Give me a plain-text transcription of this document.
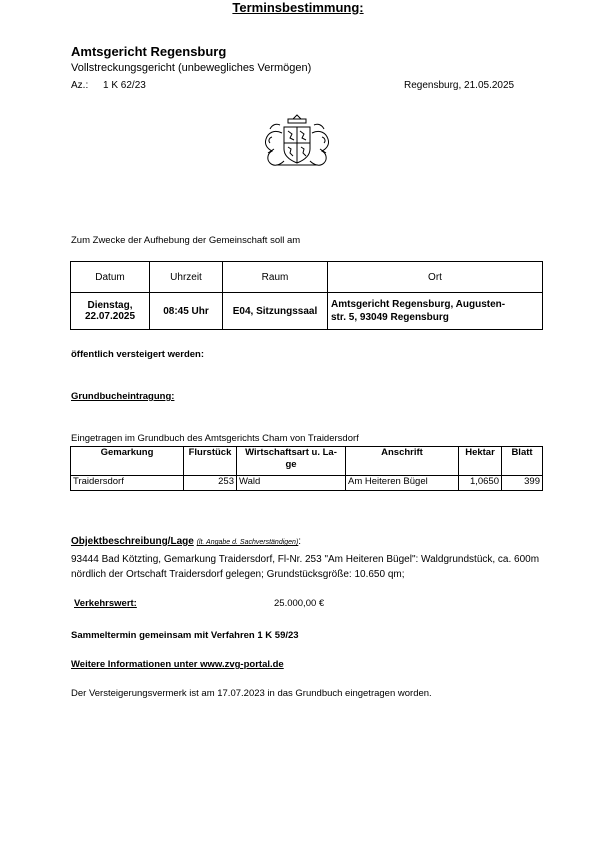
Amtsgericht Regensburg
Vollstreckungsgericht (unbewegliches Vermögen)
Az.: 1 K 62/23	Regensburg, 21.05.2025
Terminsbestimmung:
Zum Zwecke der Aufhebung der Gemeinschaft soll am
Datum	Uhrzeit	Raum	Ort
Dienstag,
22.07.2025	08:45 Uhr	E04, Sitzungssaal	Amtsgericht Regensburg, Augusten-
str. 5, 93049 Regensburg
öffentlich versteigert werden:
Grundbucheintragung:
Eingetragen im Grundbuch des Amtsgerichts Cham von Traidersdorf
Gemarkung	Flurstück	Wirtschaftsart u. La-
ge	Anschrift	Hektar	Blatt
Traidersdorf	253	Wald	Am Heiteren Bügel	1,0650	399
Objektbeschreibung/Lage (lt. Angabe d. Sachverständigen):
93444 Bad Kötzting, Gemarkung Traidersdorf, Fl-Nr. 253 "Am Heiteren Bügel": Waldgrundstück, ca. 600m nördlich der Ortschaft Traidersdorf gelegen; Grundstücksgröße: 10.650 qm;
Verkehrswert:	25.000,00 €
Sammeltermin gemeinsam mit Verfahren 1 K 59/23
Weitere Informationen unter www.zvg-portal.de
Der Versteigerungsvermerk ist am 17.07.2023 in das Grundbuch eingetragen worden.
